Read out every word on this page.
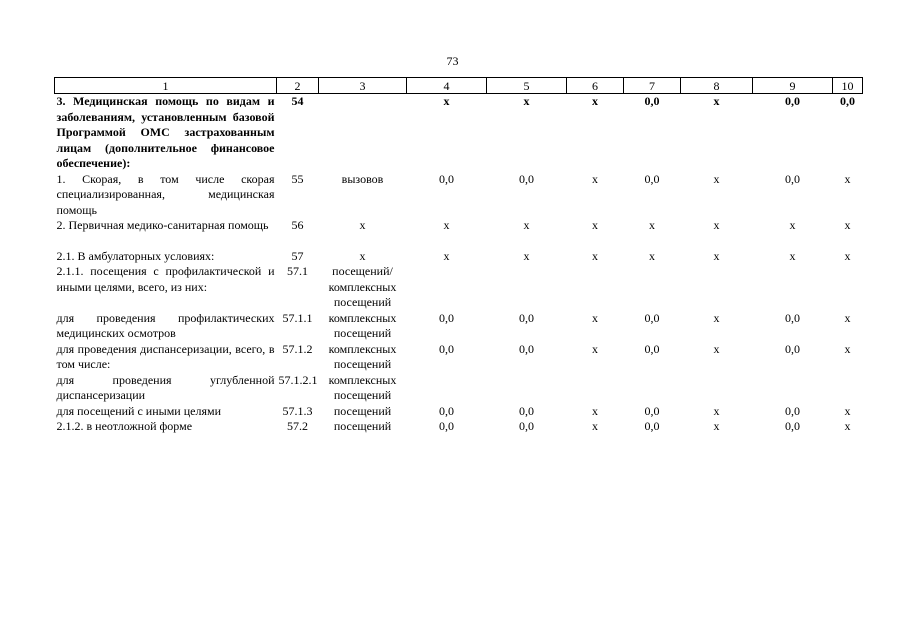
73
1	2	3	4	5	6	7	8	9	10
3. Медицинская помощь по видам и заболеваниям, установленным базовой Программой ОМС застрахованным лицам (дополнительное финансовое обеспечение):	54		х	х	х	0,0	х	0,0	0,0
1. Скорая, в том числе скорая специализированная, медицинская помощь	55	вызовов	0,0	0,0	х	0,0	х	0,0	х
2. Первичная медико-санитарная помощь	56	х	х	х	х	х	х	х	х

2.1. В амбулаторных условиях:	57	х	х	х	х	х	х	х	х
2.1.1. посещения с профилактической и иными целями, всего, из них:	57.1	посещений/ комплексных посещений							
для проведения профилактических медицинских осмотров	57.1.1	комплексных посещений	0,0	0,0	х	0,0	х	0,0	х
для проведения диспансеризации, всего, в том числе:	57.1.2	комплексных посещений	0,0	0,0	х	0,0	х	0,0	х
для проведения углубленной диспансеризации	57.1.2.1	комплексных посещений							
для посещений с иными целями	57.1.3	посещений	0,0	0,0	х	0,0	х	0,0	х
2.1.2. в неотложной форме	57.2	посещений	0,0	0,0	х	0,0	х	0,0	х
